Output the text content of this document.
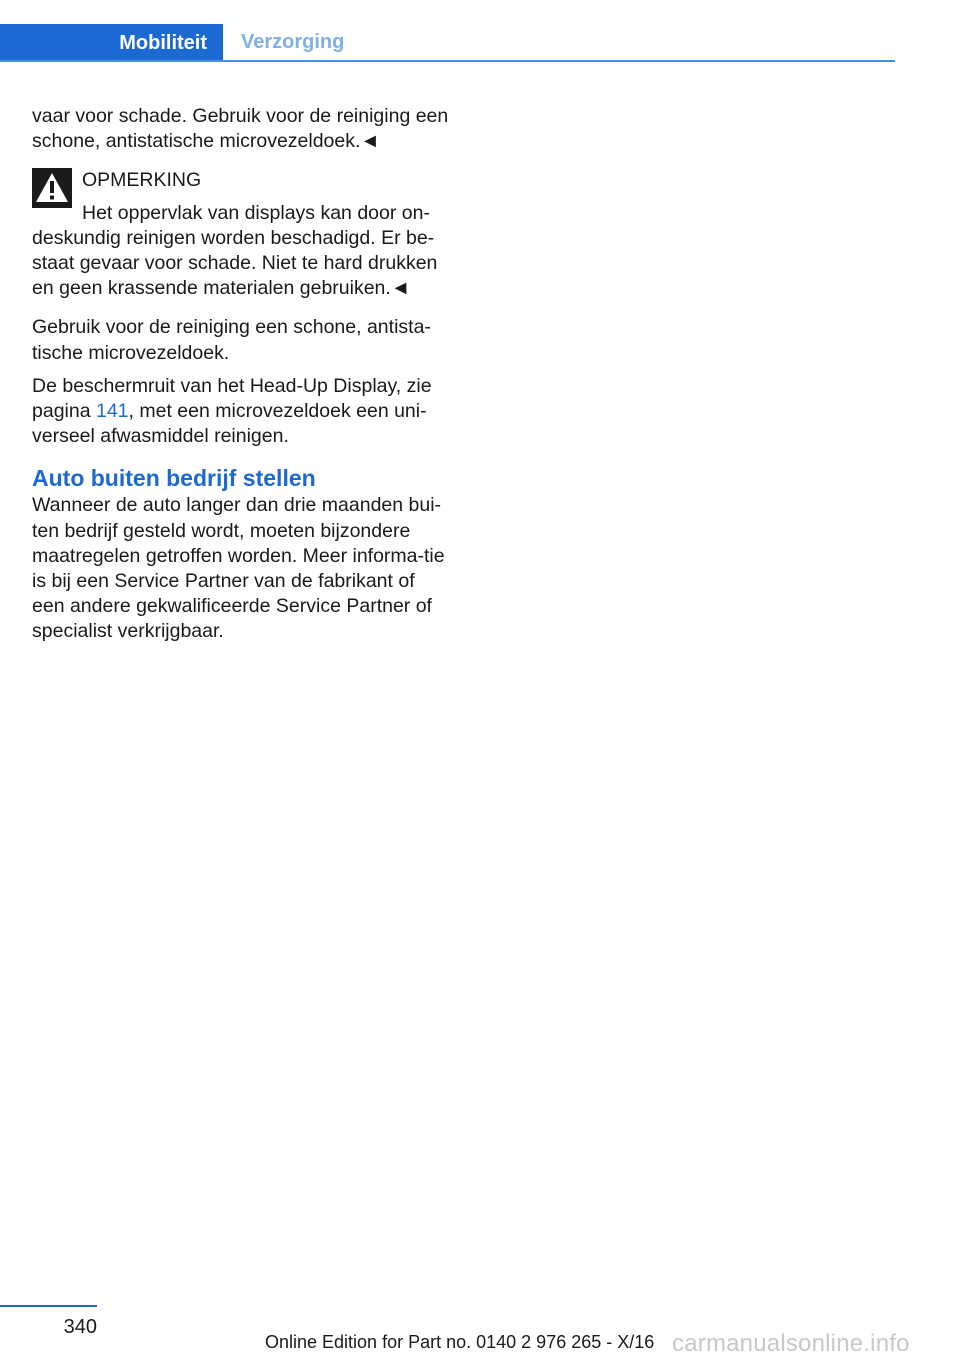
Mobiliteit Verzorging

vaar voor schade. Gebruik voor de reiniging een schone, antistatische microvezeldoek.◄

OPMERKING

Het oppervlak van displays kan door on‐

deskundig reinigen worden beschadigd. Er be‐staat gevaar voor schade. Niet te hard drukken en geen krassende materialen gebruiken.◄

Gebruik voor de reiniging een schone, antista‐tische microvezeldoek.

De beschermruit van het Head-Up Display, zie pagina 141, met een microvezeldoek een uni‐verseel afwasmiddel reinigen.

Auto buiten bedrijf stellen

Wanneer de auto langer dan drie maanden bui‐ten bedrijf gesteld wordt, moeten bijzondere maatregelen getroffen worden. Meer informa‐tie is bij een Service Partner van de fabrikant of een andere gekwalificeerde Service Partner of specialist verkrijgbaar.

340
Online Edition for Part no. 0140 2 976 265 - X/16 carmanualsonline.info
